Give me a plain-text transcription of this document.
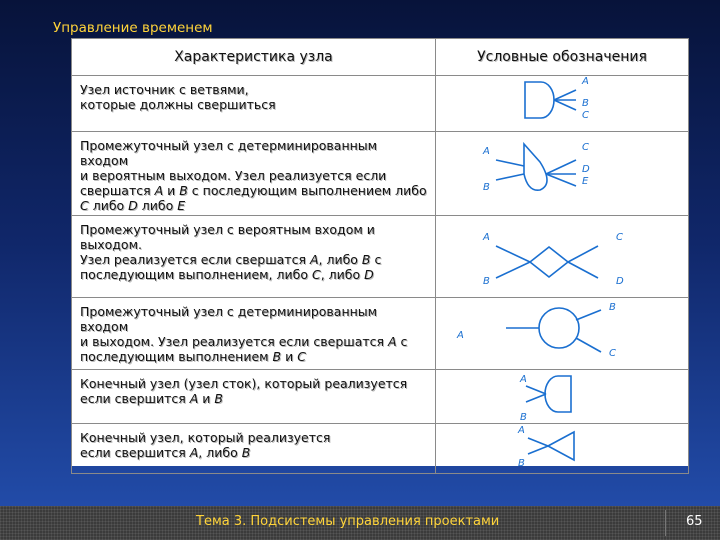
Управление временем
Характеристика узла	Условные обозначения

Узел источник с ветвями,
которые должны свершиться	A
B
C

Промежуточный узел с детерминированным входом
и вероятным выходом. Узел реализуется если
свершатся A и B с последующим выполнением либо
C либо D либо E	A
B
C
D
E

Промежуточный узел с вероятным входом и выходом.
Узел реализуется если свершатся A, либо B с
последующим выполнением, либо C, либо D	A
B
C
D

Промежуточный узел с детерминированным входом
и выходом. Узел реализуется если свершатся A с
последующим выполнением B и C	A
B
C

Конечный узел (узел сток), который реализуется
если свершится A и B	A
B

Конечный узел, который реализуется
если свершится A, либо B	A
B
Тема 3. Подсистемы управления проектами	65
